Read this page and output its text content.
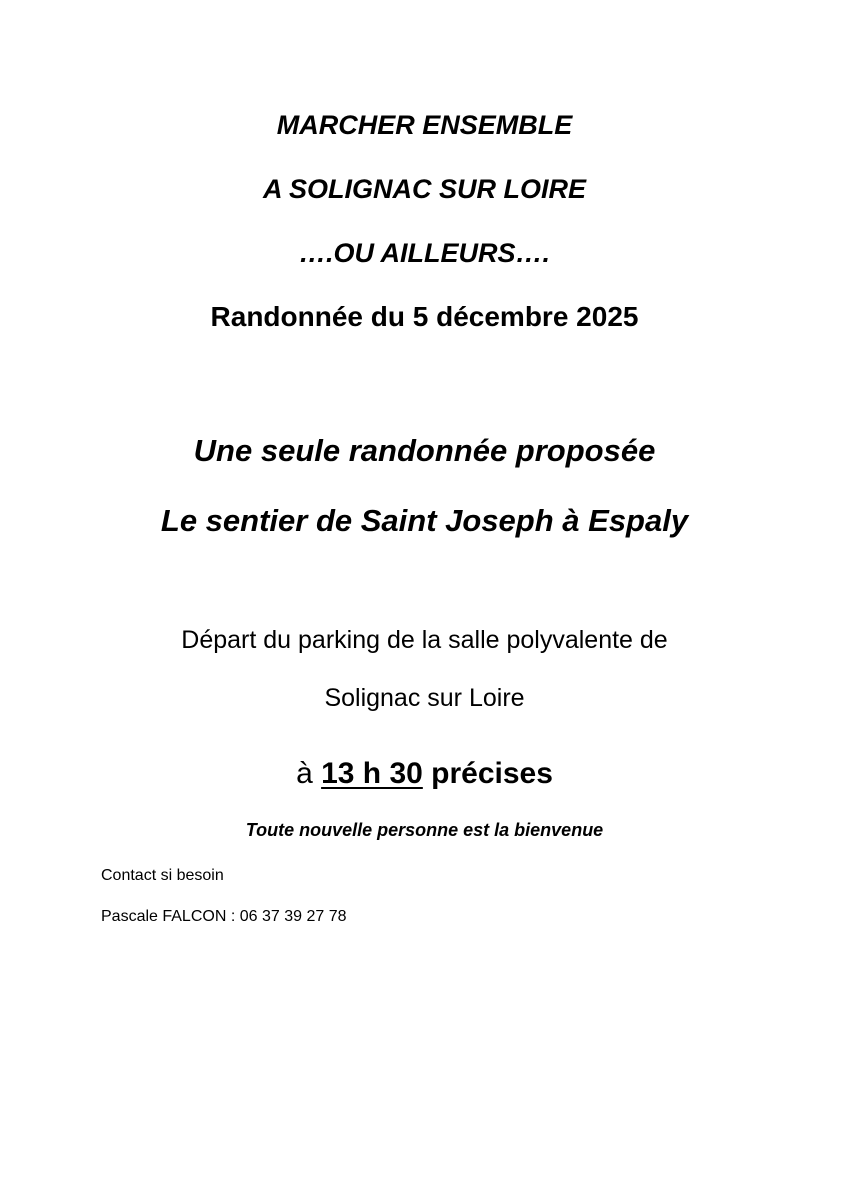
MARCHER ENSEMBLE
A SOLIGNAC SUR LOIRE
….OU AILLEURS….
Randonnée du 5 décembre 2025
Une seule randonnée proposée
Le sentier de Saint Joseph à Espaly
Départ du parking de la salle polyvalente de
Solignac sur Loire
à 13 h 30 précises
Toute nouvelle personne est la bienvenue
Contact si besoin
Pascale FALCON : 06 37 39 27 78
